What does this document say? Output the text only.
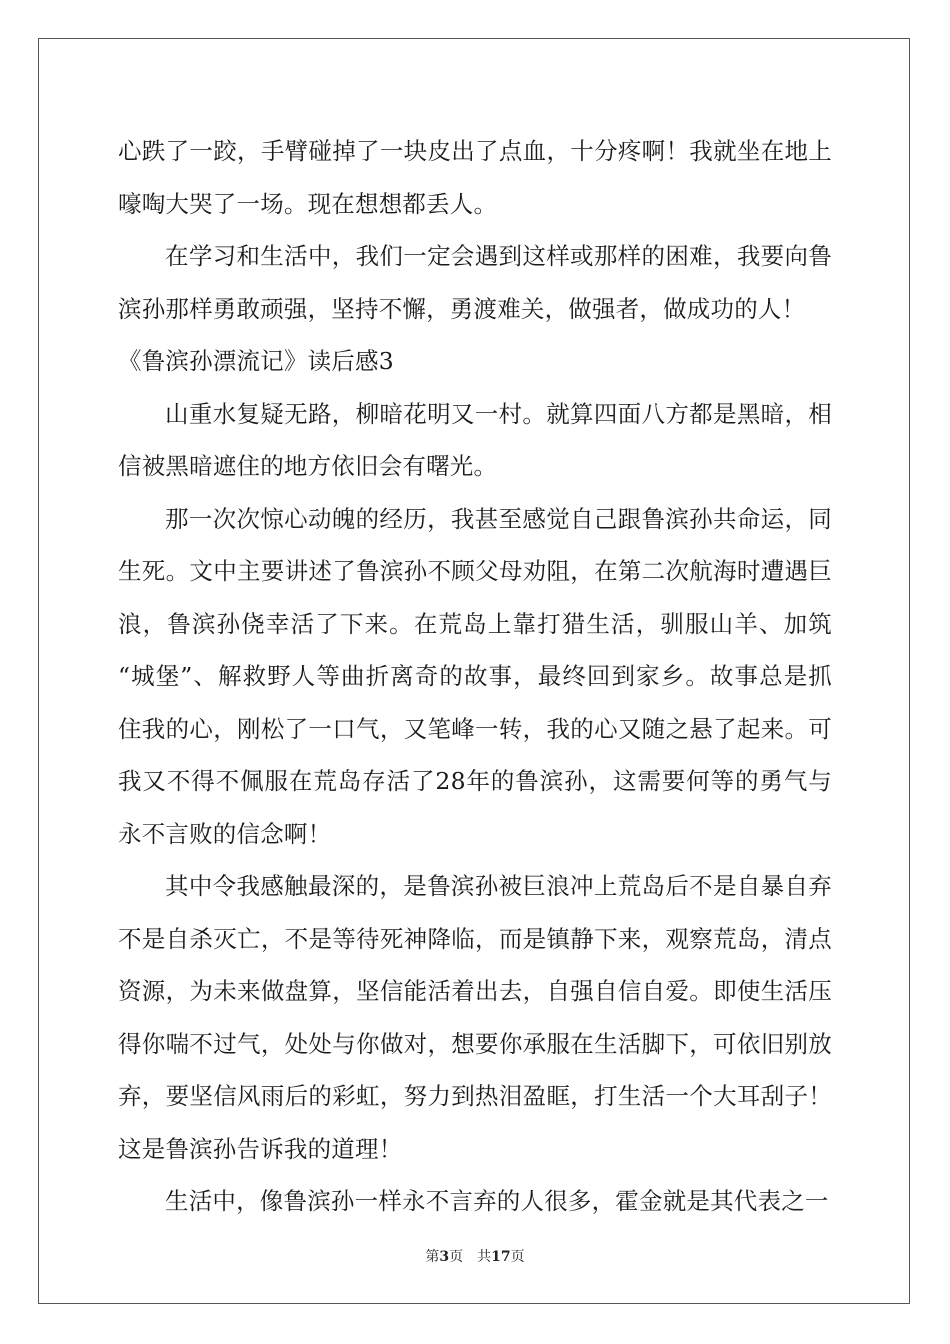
心跌了一跤，手臂碰掉了一块皮出了点血，十分疼啊！我就坐在地上
嚎啕大哭了一场。现在想想都丢人。
在学习和生活中，我们一定会遇到这样或那样的困难，我要向鲁
滨孙那样勇敢顽强，坚持不懈，勇渡难关，做强者，做成功的人！
《鲁滨孙漂流记》读后感3
山重水复疑无路，柳暗花明又一村。就算四面八方都是黑暗，相
信被黑暗遮住的地方依旧会有曙光。
那一次次惊心动魄的经历，我甚至感觉自己跟鲁滨孙共命运，同
生死。文中主要讲述了鲁滨孙不顾父母劝阻，在第二次航海时遭遇巨
浪，鲁滨孙侥幸活了下来。在荒岛上靠打猎生活，驯服山羊、加筑
“城堡”、解救野人等曲折离奇的故事，最终回到家乡。故事总是抓
住我的心，刚松了一口气，又笔峰一转，我的心又随之悬了起来。可
我又不得不佩服在荒岛存活了28年的鲁滨孙，这需要何等的勇气与
永不言败的信念啊！
其中令我感触最深的，是鲁滨孙被巨浪冲上荒岛后不是自暴自弃
不是自杀灭亡，不是等待死神降临，而是镇静下来，观察荒岛，清点
资源，为未来做盘算，坚信能活着出去，自强自信自爱。即使生活压
得你喘不过气，处处与你做对，想要你承服在生活脚下，可依旧别放
弃，要坚信风雨后的彩虹，努力到热泪盈眶，打生活一个大耳刮子！
这是鲁滨孙告诉我的道理！
生活中，像鲁滨孙一样永不言弃的人很多，霍金就是其代表之一
第3页 共17页
